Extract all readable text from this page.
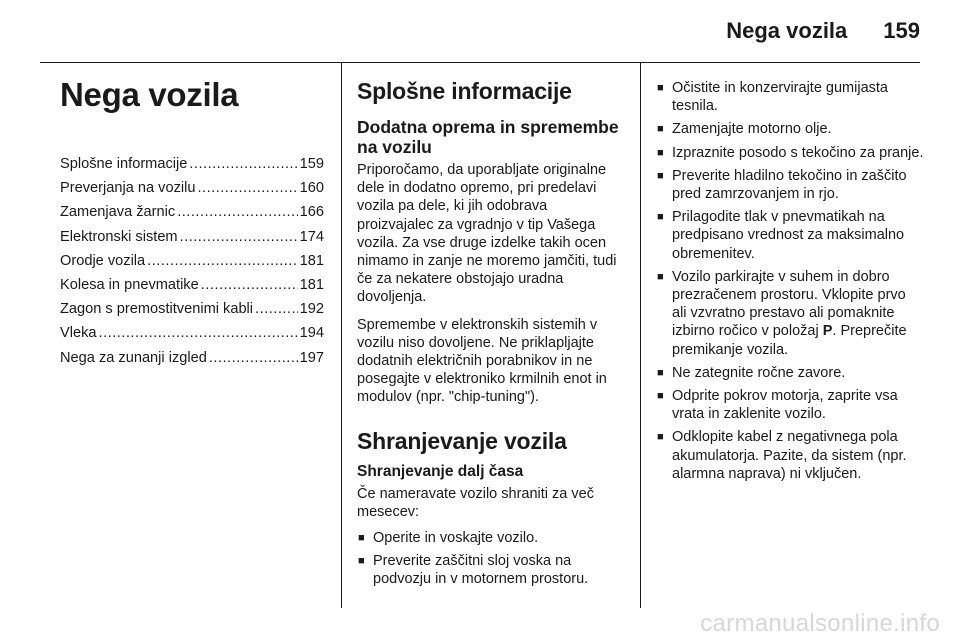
Nega vozila 159
Nega vozila
Splošne informacije .....	159
Preverjanja na vozilu .....	160
Zamenjava žarnic .....	166
Elektronski sistem .....	174
Orodje vozila .....	181
Kolesa in pnevmatike .....	181
Zagon s premostitvenimi kabli .....	192
Vleka .....	194
Nega za zunanji izgled .....	197
Splošne informacije
Dodatna oprema in spremembe na vozilu

Priporočamo, da uporabljate originalne dele in dodatno opremo, pri predelavi vozila pa dele, ki jih odobrava proizvajalec za vgradnjo v tip Vašega vozila. Za vse druge izdelke takih ocen nimamo in zanje ne moremo jamčiti, tudi če za nekatere obstojajo uradna dovoljenja.

Spremembe v elektronskih sistemih v vozilu niso dovoljene. Ne priklapljajte dodatnih električnih porabnikov in ne posegajte v elektroniko krmilnih enot in modulov (npr. "chip-tuning").

Shranjevanje vozila
Shranjevanje dalj časa

Če nameravate vozilo shraniti za več mesecev:

■ Operite in voskajte vozilo.
■ Preverite zaščitni sloj voska na podvozju in v motornem prostoru.
■ Očistite in konzervirajte gumijasta tesnila.
■ Zamenjajte motorno olje.
■ Izpraznite posodo s tekočino za pranje.
■ Preverite hladilno tekočino in zaščito pred zamrzovanjem in rjo.
■ Prilagodite tlak v pnevmatikah na predpisano vrednost za maksimalno obremenitev.
■ Vozilo parkirajte v suhem in dobro prezračenem prostoru. Vklopite prvo ali vzvratno prestavo ali pomaknite izbirno ročico v položaj P. Preprečite premikanje vozila.
■ Ne zategnite ročne zavore.
■ Odprite pokrov motorja, zaprite vsa vrata in zaklenite vozilo.
■ Odklopite kabel z negativnega pola akumulatorja. Pazite, da sistem (npr. alarmna naprava) ni vključen.
carmanualsonline.info
